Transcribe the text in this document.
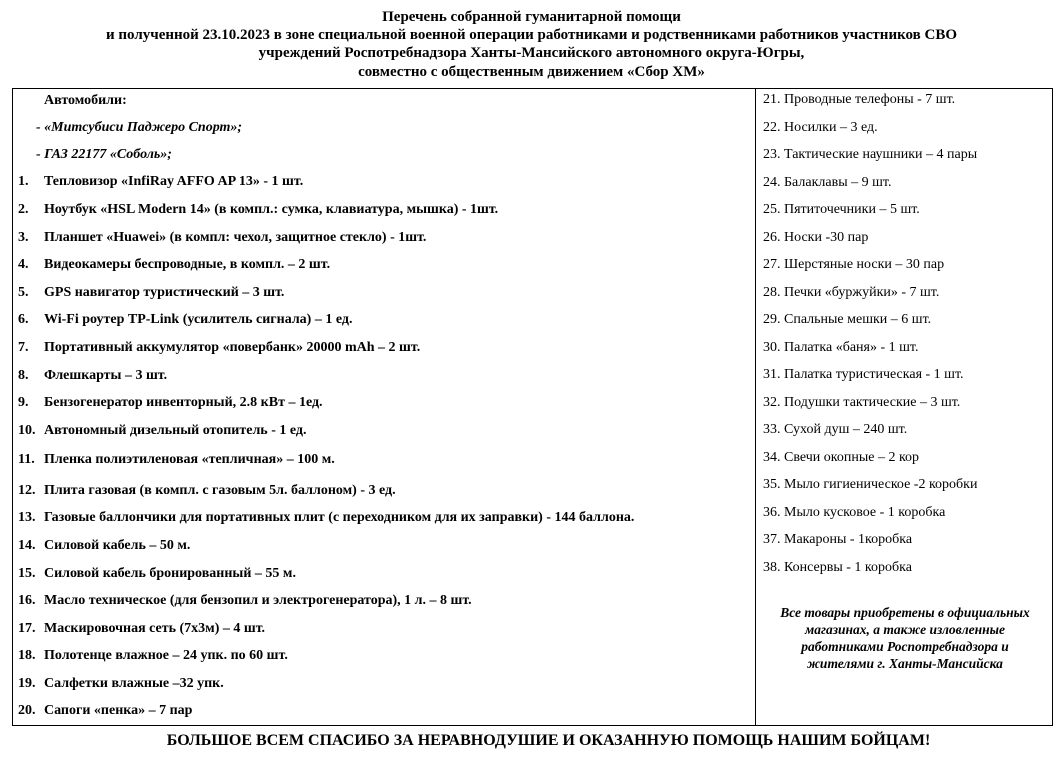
Перечень собранной гуманитарной помощи
и полученной 23.10.2023 в зоне специальной военной операции работниками и родственниками работников участников СВО
учреждений Роспотребнадзора Ханты-Мансийского автономного округа-Югры,
совместно с общественным движением «Сбор ХМ»
Автомобили:
- «Митсубиси Паджеро Спорт»;
- ГАЗ 22177 «Соболь»;
1. Тепловизор «InfiRay AFFO AP 13» - 1 шт.
2. Ноутбук «HSL Modern 14» (в компл.: сумка, клавиатура, мышка) - 1шт.
3. Планшет «Huawei» (в компл: чехол, защитное стекло) - 1шт.
4. Видеокамеры беспроводные, в компл. – 2 шт.
5. GPS навигатор туристический – 3 шт.
6. Wi-Fi роутер TP-Link (усилитель сигнала) – 1 ед.
7. Портативный аккумулятор «повербанк» 20000 mAh – 2 шт.
8. Флешкарты – 3 шт.
9. Бензогенератор инвенторный, 2.8 кВт – 1ед.
10. Автономный дизельный отопитель - 1 ед.
11. Пленка полиэтиленовая «тепличная» – 100 м.
12. Плита газовая (в компл. с газовым 5л. баллоном) - 3 ед.
13. Газовые баллончики для портативных плит (с переходником для их заправки) - 144 баллона.
14. Силовой кабель – 50 м.
15. Силовой кабель бронированный – 55 м.
16. Масло техническое (для бензопил и электрогенератора), 1 л. – 8 шт.
17. Маскировочная сеть (7х3м) – 4 шт.
18. Полотенце влажное – 24 упк. по 60 шт.
19. Салфетки влажные –32 упк.
20. Сапоги «пенка» – 7 пар
21. Проводные телефоны - 7 шт.
22. Носилки – 3 ед.
23. Тактические наушники – 4 пары
24. Балаклавы – 9 шт.
25. Пятиточечники – 5 шт.
26. Носки -30 пар
27. Шерстяные носки – 30 пар
28. Печки «буржуйки» - 7 шт.
29. Спальные мешки – 6 шт.
30. Палатка «баня» - 1 шт.
31. Палатка туристическая - 1 шт.
32. Подушки тактические – 3 шт.
33. Сухой душ – 240 шт.
34. Свечи окопные – 2 кор
35. Мыло гигиеническое -2 коробки
36. Мыло кусковое - 1 коробка
37. Макароны - 1коробка
38. Консервы - 1 коробка
Все товары приобретены в официальных магазинах, а также изловленные работниками Роспотребнадзора и жителями г. Ханты-Мансийска
БОЛЬШОЕ ВСЕМ СПАСИБО ЗА НЕРАВНОДУШИЕ И ОКАЗАННУЮ ПОМОЩЬ НАШИМ БОЙЦАМ!
